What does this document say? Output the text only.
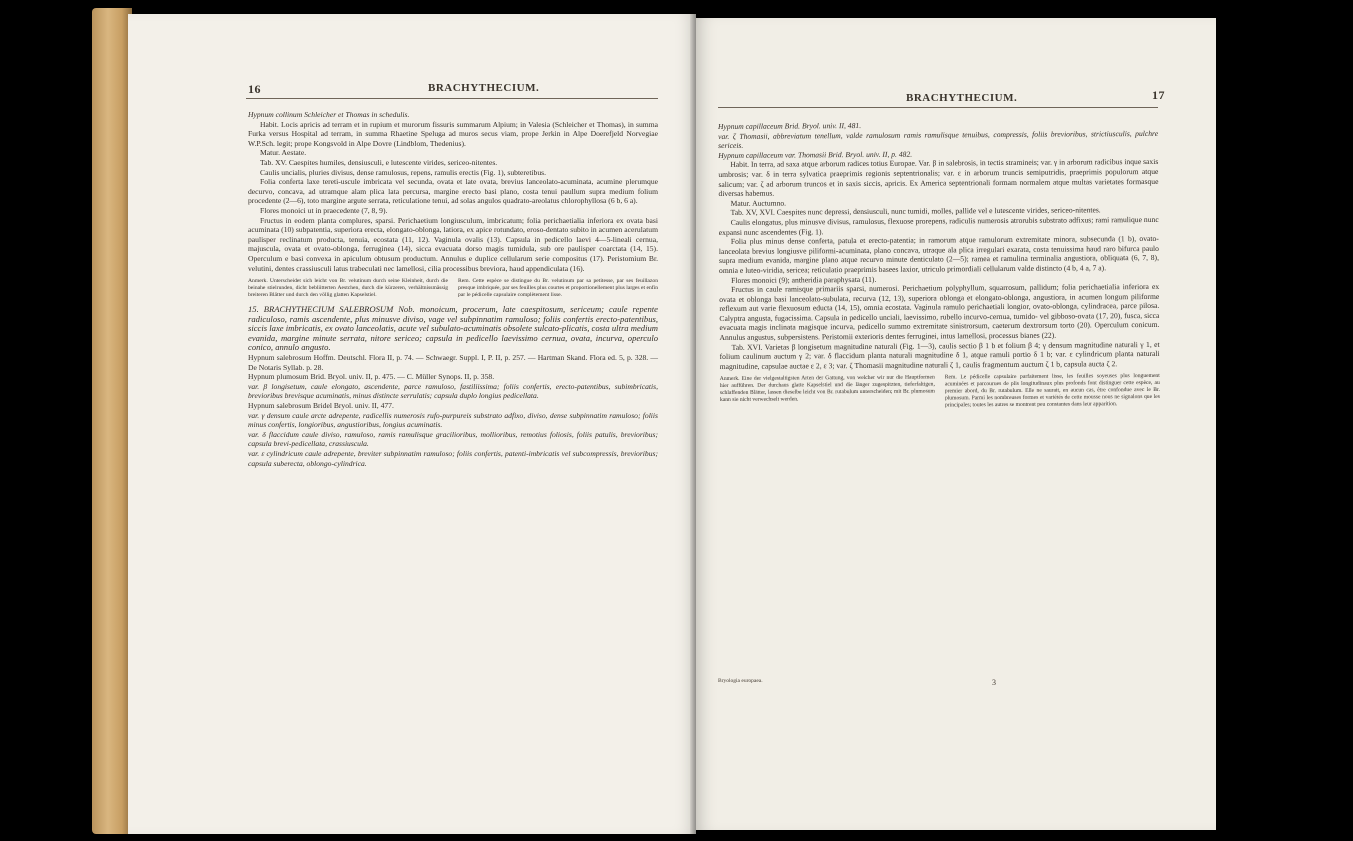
16	BRACHYTHECIUM.

Hypnum collinum Schleicher et Thomas in schedulis.

Habit. Locis apricis ad terram et in rupium et murorum fissuris summarum Alpium; in Valesia (Schleicher et Thomas), in summa Furka versus Hospital ad terram, in summa Rhaetine Speluga ad muros secus viam, prope Jerkin in Alpe Doerefjeld Norvegiae W.P.Sch. legit; prope Kongsvold in Alpe Dovre (Lindblom, Thedenius).

Matur. Aestate.

Tab. XV. Caespites humiles, densiusculi, e lutescente virides, sericeo-nitentes.

Caulis uncialis, pluries divisus, dense ramulosus, repens, ramulis erectis (Fig. 1), subteretibus.

Folia conferta laxe tereti-uscule imbricata vel secunda, ovata et late ovata, brevius lanceolato-acuminata, acumine plerumque decurvo, concava, ad utramque alam plica lata percursa, margine erecto basi plano, costa tenui paullum supra medium folium procedente (2—6), toto margine argute serrata, reticulatione tenui, ad solas angulos quadrato-areolatus chlorophyllosa (6 b, 6 a).

Flores monoici ut in praecedente (7, 8, 9).

Fructus in eodem planta complures, sparsi. Perichaetium longiusculum, imbricatum; folia perichaetialia inferiora ex ovata basi acuminata (10) subpatentia, superiora erecta, elongato-oblonga, latiora, ex apice rotundato, eroso-dentato subito in acumen acerulatum paulisper reclinatum producta, tenuia, ecostata (11, 12). Vaginula ovalis (13). Capsula in pedicello laevi 4—5-lineali cernua, majuscula, ovata et ovato-oblonga, ferruginea (14), sicca evacuata dorso magis tumidula, sub ore paulisper coarctata (14, 15). Operculum e basi convexa in apiculum obtusum productum. Annulus e duplice cellularum serie compositus (17). Peristomium Br. velutini, dentes crassiusculi latus trabeculati nec lamellosi, cilia processibus breviora, haud appendiculata (16).

Anmerk. Unterscheidet sich leicht von Br. velutinum durch seine Kleinheit, durch die beinahe stielrunden, dicht bebliitterten Aestchen, durch die kürzeren, verhältnissmässig breiteren Blätter und durch den völlig glatten Kapselstiel.
Rem. Cette espèce se distingue du Br. velutinum par sa petitesse, par ses feuillazon presque imbriquée, par ses feuilles plus courtes et proportionellement plus larges et enfin par le pédicelle capsulaire complètement lisse.

15. BRACHYTHECIUM SALEBROSUM Nob. monoicum, procerum, late caespitosum, sericeum; caule repente radiculoso, ramis ascendente, plus minusve diviso, vage vel subpinnatim ramuloso; foliis confertis erecto-patentibus, siccis laxe imbricatis, ex ovato lanceolatis, acute vel subulato-acuminatis obsolete sulcato-plicatis, costa ultra medium evanida, margine minute serrata, nitore sericeo; capsula in pedicello laevissimo cernua, ovata, incurva, operculo conico, annulo angusto.

Hypnum salebrosum Hoffm. Deutschl. Flora II, p. 74. — Schwaegr. Suppl. I, P. II, p. 257. — Hartman Skand. Flora ed. 5, p. 328. — De Notaris Syllab. p. 28.

Hypnum plumosum Brid. Bryol. univ. II, p. 475. — C. Müller Synops. II, p. 358.

var. β longisetum, caule elongato, ascendente, parce ramuloso, fastiliissima; foliis confertis, erecto-patentibus, subimbricatis, brevioribus brevisque acuminatis, minus distincte serrulatis; capsula duplo longius pedicellata.

Hypnum salebrosum Bridel Bryol. univ. II, 477.

var. γ densum caule arcte adrepente, radicellis numerosis rufo-purpureis substrato adfixo, diviso, dense subpinnatim ramuloso; foliis minus confertis, longioribus, angustioribus, longius acuminatis.

var. δ flaccidum caule diviso, ramuloso, ramis ramulisque gracilioribus, mollioribus, remotius foliosis, foliis patulis, brevioribus; capsula brevi-pedicellata, crassiuscula.

var. ε cylindricum caule adrepente, breviter subpinnatim ramuloso; foliis confertis, patenti-imbricatis vel subcompressis, brevioribus; capsula suberecta, oblongo-cylindrica.

BRACHYTHECIUM.	17

Hypnum capillaceum Brid. Bryol. univ. II, 481.

var. ζ Thomasii, abbreviatum tenellum, valde ramulosum ramis ramulisque tenuibus, compressis, foliis brevioribus, strictiusculis, pulchre sericeis.

Hypnum capillaceum var. Thomasii Brid. Bryol. univ. II, p. 482.

Habit. In terra, ad saxa atque arborum radices totius Europae. Var. β in salebrosis, in tectis stramineis; var. γ in arborum radicibus inque saxis umbrosis; var. δ in terra sylvatica praeprimis regionis septentrionalis; var. ε in arborum truncis semiputridis, praeprimis populorum atque salicum; var. ζ ad arborum truncos et in saxis siccis, apricis. Ex America septentrionali formam normalem atque multas varietates formasque diversas habemus.

Matur. Auctumno.

Tab. XV, XVI. Caespites nunc depressi, densiusculi, nunc tumidi, molles, pallide vel e lutescente virides, sericeo-nitentes.

Caulis elongatus, plus minusve divisus, ramulosus, flexuose prorepens, radiculis numerosis atrorubis substrato adfixus; rami ramulique nunc expansi nunc ascendentes (Fig. 1).

Folia plus minus dense conferta, patula et erecto-patentia; in ramorum atque ramulorum extremitate minora, subsecunda (1 b), ovato-lanceolata brevius longiusve piliformi-acuminata, plano concava, utraque ala plica irregulari exarata, costa tenuissima haud raro bifurca paulo supra medium evanida, margine plano atque recurvo minute denticulato (2—5); ramea et ramulina terminalia angustiora, obliquata (6, 7, 8), omnia e luteo-viridia, sericea; reticulatio praeprimis basees laxior, utriculo primordiali cellularum valde distincto (4 b, 4 a, 7 a).

Flores monoici (9); antheridia paraphysata (11).

Fructus in caule ramisque primariis sparsi, numerosi. Perichaetium polyphyllum, squarrosum, pallidum; folia perichaetialia inferiora ex ovata et oblonga basi lanceolato-subulata, recurva (12, 13), superiora oblonga et elongato-oblonga, angustiora, in acumen longum piliforme reflexum aut varie flexuosum educta (14, 15), omnia ecostata. Vaginula ramulo perichaetiali longior, ovato-oblonga, cylindracea, parce pilosa. Calyptra angusta, fugacissima. Capsula in pedicello unciali, laevissimo, rubello incurvo-cernua, tumido- vel gibboso-ovata (17, 20), fusca, sicca evacuata magis inclinata magisque incurva, pedicello summo extremitate sinistrorsum, caeterum dextrorsum torto (20). Operculum conicum. Annulus angustus, subpersistens. Peristomii exterioris dentes ferruginei, intus lamellosi, processus bianes (22).

Tab. XVI. Varietas β longisetum magnitudine naturali (Fig. 1—3), caulis sectio β 1 b et folium β 4; γ densum magnitudine naturali γ 1, et folium caulinum auctum γ 2; var. δ flaccidum planta naturali magnitudine δ 1, atque ramuli portio δ 1 b; var. ε cylindricum planta naturali magnitudine, capsulae auctae ε 2, ε 3; var. ζ Thomasii magnitudine naturali ζ 1, caulis fragmentum auctum ζ 1 b, capsula aucta ζ 2.

Anmerk. Eine der vielgestaltigsten Arten der Gattung, von welcher wir nur die Hauptformen hier aufführen. Der durchaus glatte Kapselstiel und die länger zugespitzten, tieferfaltigen, schlaffenden Blätter, lassen dieselbe leicht von Br. rutabulum unterscheiden; mit Br. plumosum kann sie nicht verwechselt werden.
Rem. Le pédicelle capsulaire parfaitement lisse, les feuilles soyeuses plus longuement acuminées et parcourues de plis longitudinaux plus profonds font distinguer cette espèce, au premier abord, du Br. rutabulum. Elle ne saurait, en aucun cas, être confondue avec le Br. plumosum. Parmi les nombreuses formes et variétés de cette mousse nous ne signalons que les principales; toutes les autres se montrent peu constantes dans leur apparition.
Bryologia europaea.	3
